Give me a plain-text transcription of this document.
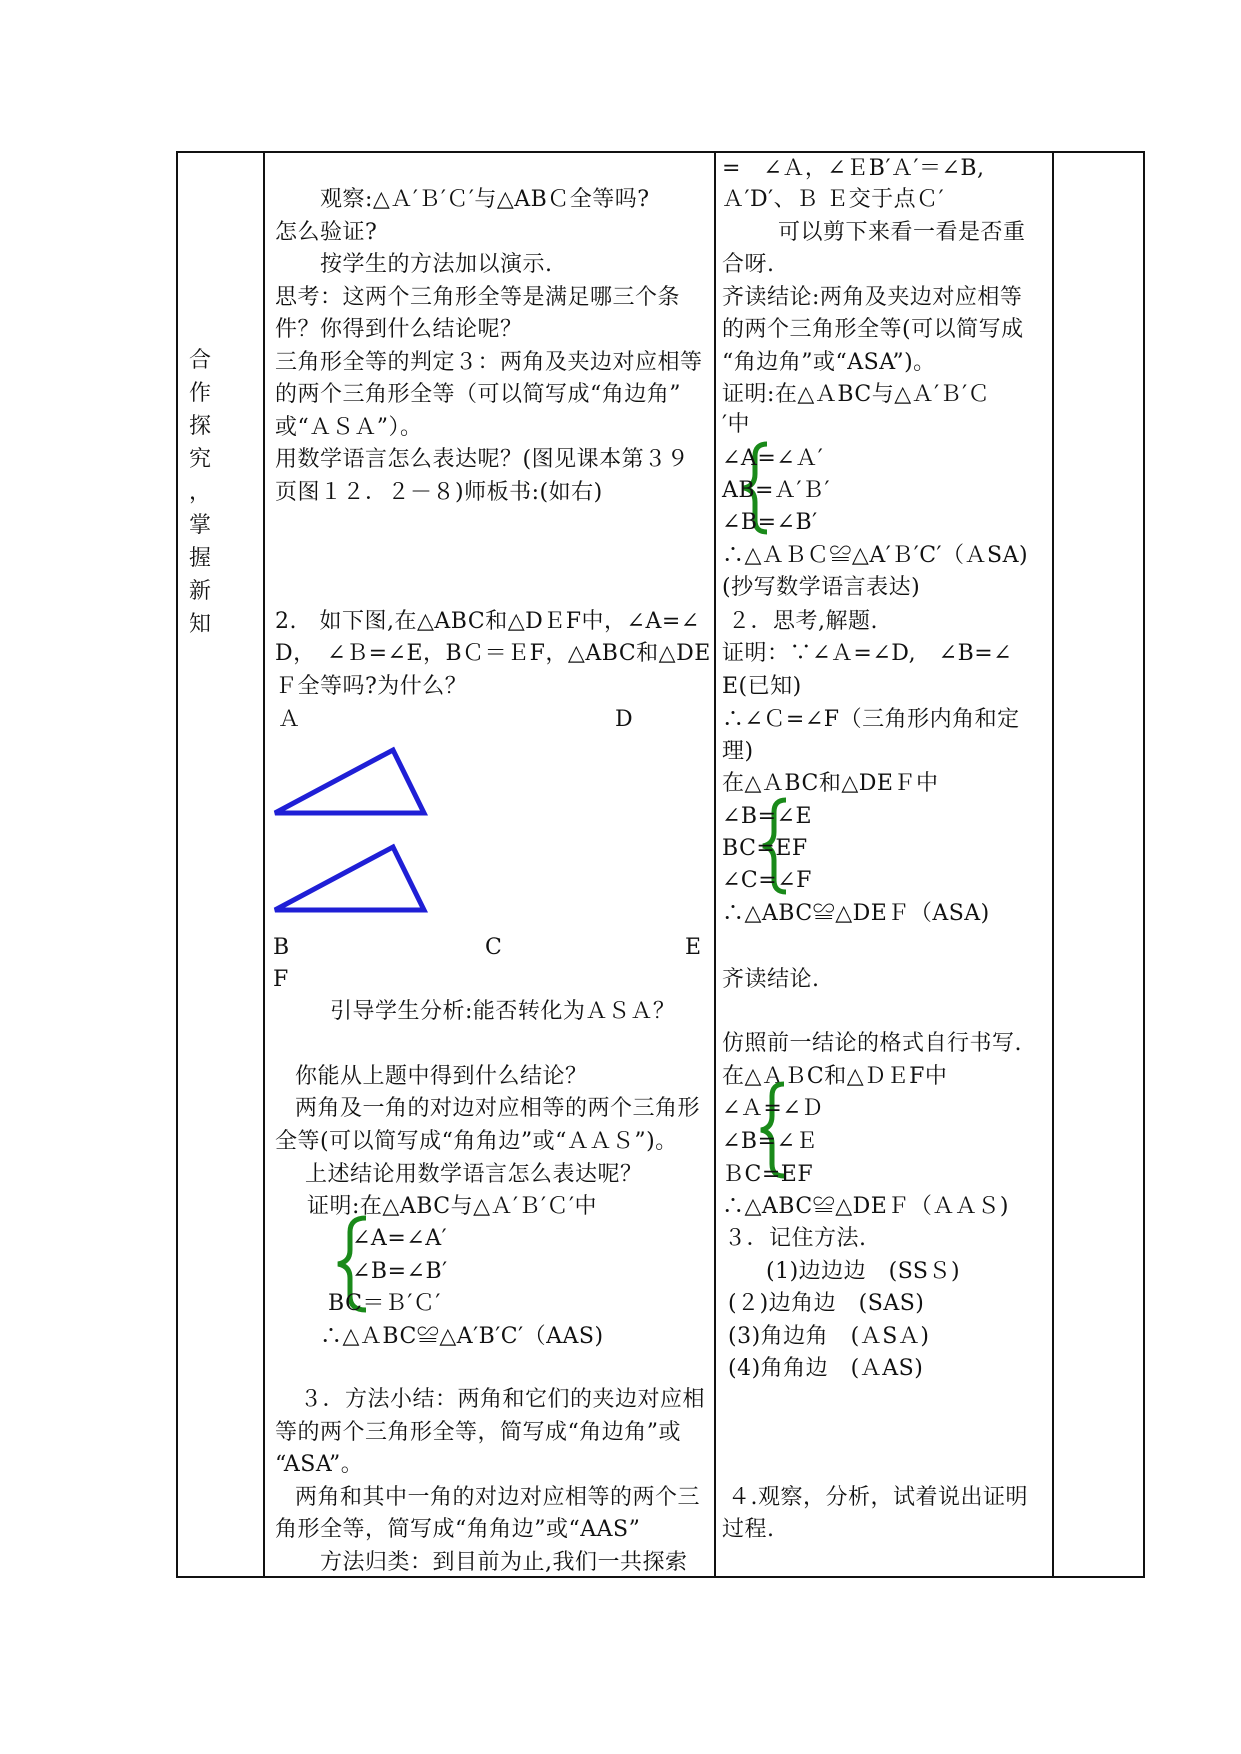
合
作
探
究
，
掌
握
新
知
观察:△Ａ′Ｂ′Ｃ′与△ABＣ全等吗?
怎么验证?
按学生的方法加以演示.
思考：这两个三角形全等是满足哪三个条
件？你得到什么结论呢？
三角形全等的判定３：两角及夹边对应相等
的两个三角形全等（可以简写成“角边角”
或“ＡＳＡ”）。
用数学语言怎么表达呢？(图见课本第３９
页图１２．２－８)师板书:(如右)
2.　如下图,在△ABC和△DＥF中，∠A=∠
D，　∠Ｂ=∠E，BＣ＝ＥF，△ABC和△DE
Ｆ全等吗?为什么？
Ａ	D
B	C	E
F
引导学生分析:能否转化为ＡＳＡ？
你能从上题中得到什么结论？
两角及一角的对边对应相等的两个三角形
全等(可以简写成“角角边”或“ＡＡＳ”)。
上述结论用数学语言怎么表达呢？
证明:在△ABC与△Ａ′Ｂ′Ｃ′中
∠A=∠A′
∠B=∠B′
BC＝Ｂ′Ｃ′
∴△ＡBC≌△A′B′C′（AAS)
３．方法小结：两角和它们的夹边对应相
等的两个三角形全等，简写成“角边角”或
“ASA”。
两角和其中一角的对边对应相等的两个三
角形全等，简写成“角角边”或“AAS”
方法归类：到目前为止,我们一共探索
=　∠Ａ，∠ＥB′Ａ′＝∠B,
Ａ′D′、Ｂ Ｅ交于点Ｃ′
可以剪下来看一看是否重
合呀.
齐读结论:两角及夹边对应相等
的两个三角形全等(可以简写成
“角边角”或“ASA”)。
证明:在△ＡBC与△Ａ′Ｂ′Ｃ
′中
∠A=∠Ａ′
AB=Ａ′Ｂ′
∠B=∠B′
∴△ＡＢＣ≌△A′Ｂ′C′（ＡSA)
(抄写数学语言表达)
２．思考,解题.
证明：∵∠Ａ=∠D,　∠B=∠
E(已知)
∴∠Ｃ=∠F（三角形内角和定
理)
在△ＡBC和△DEＦ中
∠B=∠E
BC=EF
∠C=∠F
∴△ABC≌△DEＦ（ASA)
齐读结论.
仿照前一结论的格式自行书写.
在△ＡＢC和△ＤＥF中
∠Ａ=∠Ｄ
∠B=∠Ｅ
ＢC=EF
∴△ABC≌△DEＦ（ＡＡＳ)
３．记住方法.
(1)边边边　(SSＳ)
(２)边角边　(SAS)
(3)角边角　(ＡSＡ)
(4)角角边　(ＡAS)
４.观察，分析，试着说出证明
过程.
